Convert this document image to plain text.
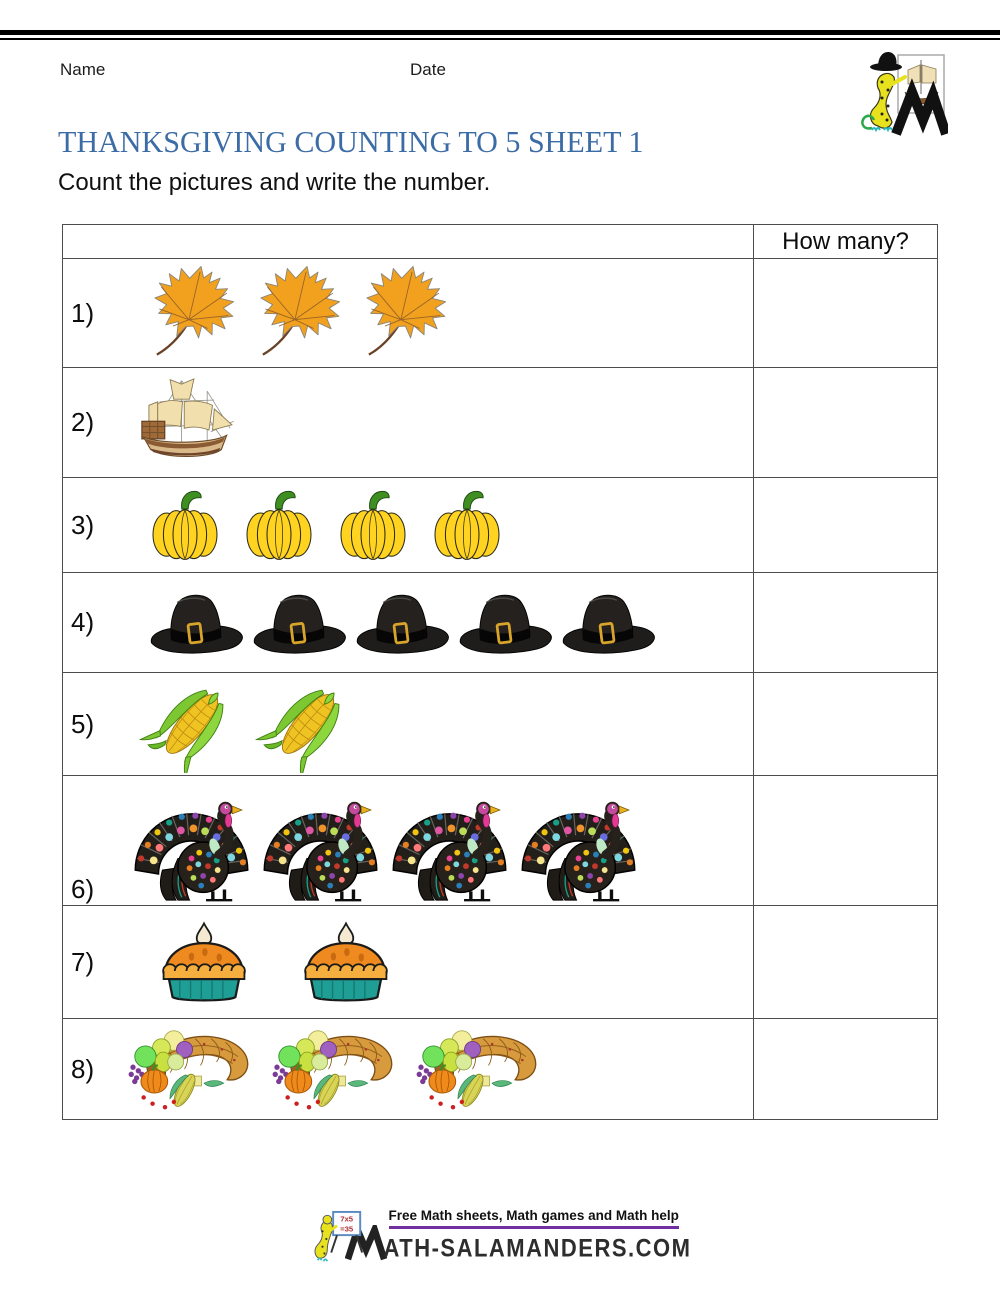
Name	Date
THANKSGIVING COUNTING TO 5 SHEET 1
Count the pictures and write the number.
How many?
1)
2)
3)
4)
5)
6)
7)
8)
7x5
=35
Free Math sheets, Math games and Math help
ATH-SALAMANDERS.COM
